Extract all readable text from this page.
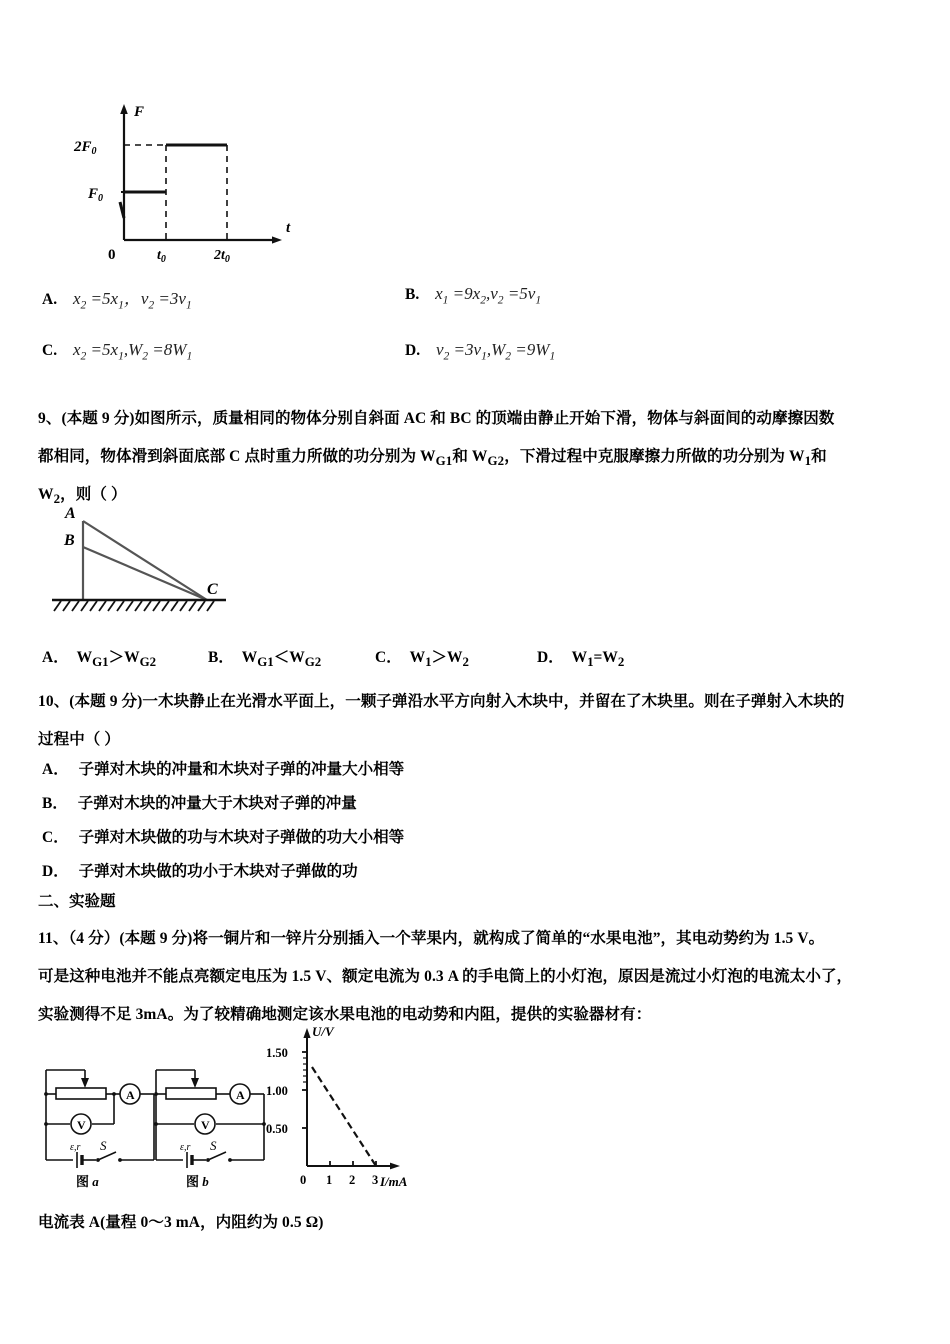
F
t
$2F_0$
$F_0$
0	$t_0$	$2t_0$
A. $x_2 =5x_1$，$v_2 =3v_1$
B. $x_1 =9x_2,v_2 =5v_1$
C. $x_2 =5x_1,W_2 =8W_1$	D. $v_2 =3v_1,W_2 =9W_1$
9、(本题 9 分)如图所示，质量相同的物体分别自斜面 AC 和 BC 的顶端由静止开始下滑，物体与斜面间的动摩擦因数
都相同，物体滑到斜面底部 C 点时重力所做的功分别为 $W_{G1}$和 $W_{G2}$，下滑过程中克服摩擦力所做的功分别为 $W_1$和
$W_2$，则（ ）
A
B
C
A． $W_{G1}>W_{G2}$	B． $W_{G1}<W_{G2}$	C． $W_1>W_2$	D． $W_1=W_2$
10、(本题 9 分)一木块静止在光滑水平面上，一颗子弹沿水平方向射入木块中，并留在了木块里。则在子弹射入木块的
过程中（ ）
A． 子弹对木块的冲量和木块对子弹的冲量大小相等
B． 子弹对木块的冲量大于木块对子弹的冲量
C． 子弹对木块做的功与木块对子弹做的功大小相等
D． 子弹对木块做的功小于木块对子弹做的功
二、实验题
11、（4 分）(本题 9 分)将一铜片和一锌片分别插入一个苹果内，就构成了简单的“水果电池”，其电动势约为 1.5 V。
可是这种电池并不能点亮额定电压为 1.5 V、额定电流为 0.3 A 的手电筒上的小灯泡，原因是流过小灯泡的电流太小了，
实验测得不足 3mA。为了较精确地测定该水果电池的电动势和内阻，提供的实验器材有：
A
V
ε,r S
图 a
A
V
ε,r S
图 b
U/V
I/mA
1.50
1.00
0.50
0 1 2 3
电流表 A(量程 0～3 mA，内阻约为 0.5 Ω)
